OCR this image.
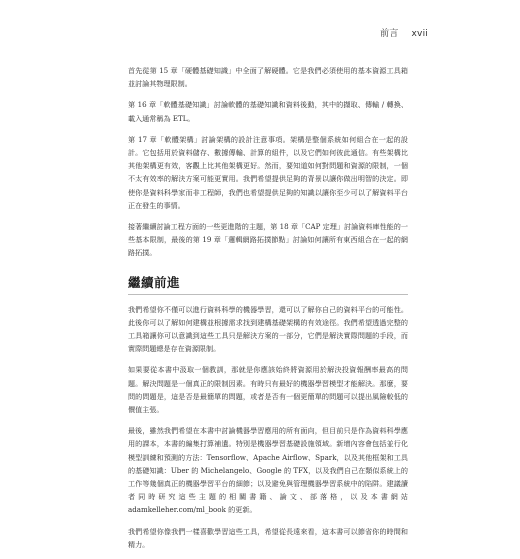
前言 xvii

首先從第 15 章「硬體基礎知識」中全面了解硬體。它是我們必須使用的基本資源工具箱並討論其物理限制。

第 16 章「軟體基礎知識」討論軟體的基礎知識和資料後動，其中的擷取、傳輸 / 轉換、載入通常稱為 ETL。

第 17 章「軟體架構」討論架構的設計注意事項。架構是整個系統如何組合在一起的設計。它包括用於資料儲存、數據傳輸、計算的組件，以及它們如何彼此通信。有些架構比其他架構更有效，客觀上比其他架構更好。然而，要知道如何對問題和資源的限制，一個不太有效率的解決方案可能更實用。我們希望提供足夠的背景以讓你做出明智的決定。即使你是資料科學家而非工程師，我們也希望提供足夠的知識以讓你至少可以了解資料平台正在發生的事情。

接著繼續討論工程方面的一些更進階的主題，第 18 章「CAP 定理」討論資料庫性能的一些基本限制，最後的第 19 章「邏輯網路拓撲節點」討論如何讓所有東西組合在一起的網路拓撲。

繼續前進

我們希望你不僅可以進行資料科學的機器學習，還可以了解你自己的資料平台的可能性。此後你可以了解如何建構並根據需求找到建構基礎架構的有效途徑。我們希望透過完整的工具箱讓你可以意識到這些工具只是解決方案的一部分，它們是解決實際問題的手段，而實際問題總是存在資源限制。

如果要從本書中汲取一個教訓，那就是你應該始終將資源用於解決投資報酬率最高的問題。解決問題是一個真正的限制因素。有時只有最好的機器學習模型才能解決。那麼，要問的問題是，這是否是最簡單的問題，或者是否有一個更簡單的問題可以提出風險較低的價值主張。

最後，雖然我們希望在本書中討論機器學習應用的所有面向，但目前只是作為資料科學應用的課本，本書的編集打算補遺。特別是機器學習基礎設施領域。新增內容會包括並行化模型訓練和預測的方法：Tensorflow、Apache Airflow、Spark，以及其他框架和工具的基礎知識：Uber 的 Michelangelo、Google 的 TFX，以及我們自己在類似系統上的工作等幾個真正的機器學習平台的細節；以及避免與管理機器學習系統中的陷阱。建議讀者同時研究這些主題的相關書籍、論文、部落格，以及本書網站 adamkelleher.com/ml_book 的更新。

我們希望你像我們一樣喜歡學習這些工具，希望從長遠來看，這本書可以節省你的時間和精力。
